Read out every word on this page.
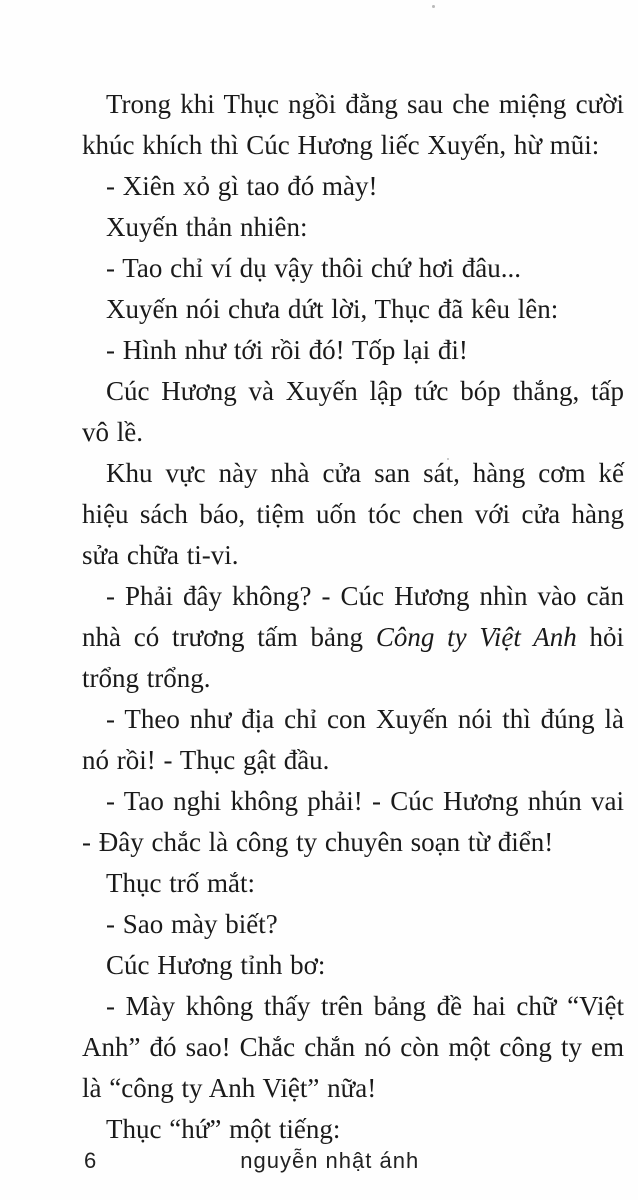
Trong khi Thục ngồi đằng sau che miệng cười khúc khích thì Cúc Hương liếc Xuyến, hừ mũi:

- Xiên xỏ gì tao đó mày!

Xuyến thản nhiên:

- Tao chỉ ví dụ vậy thôi chứ hơi đâu...

Xuyến nói chưa dứt lời, Thục đã kêu lên:

- Hình như tới rồi đó! Tốp lại đi!

Cúc Hương và Xuyến lập tức bóp thắng, tấp vô lề.

Khu vực này nhà cửa san sát, hàng cơm kế hiệu sách báo, tiệm uốn tóc chen với cửa hàng sửa chữa ti-vi.

- Phải đây không? - Cúc Hương nhìn vào căn nhà có trương tấm bảng Công ty Việt Anh hỏi trổng trổng.

- Theo như địa chỉ con Xuyến nói thì đúng là nó rồi! - Thục gật đầu.

- Tao nghi không phải! - Cúc Hương nhún vai - Đây chắc là công ty chuyên soạn từ điển!

Thục trố mắt:

- Sao mày biết?

Cúc Hương tỉnh bơ:

- Mày không thấy trên bảng đề hai chữ “Việt Anh” đó sao! Chắc chắn nó còn một công ty em là “công ty Anh Việt” nữa!

Thục “hứ” một tiếng:

6	nguyễn nhật ánh
